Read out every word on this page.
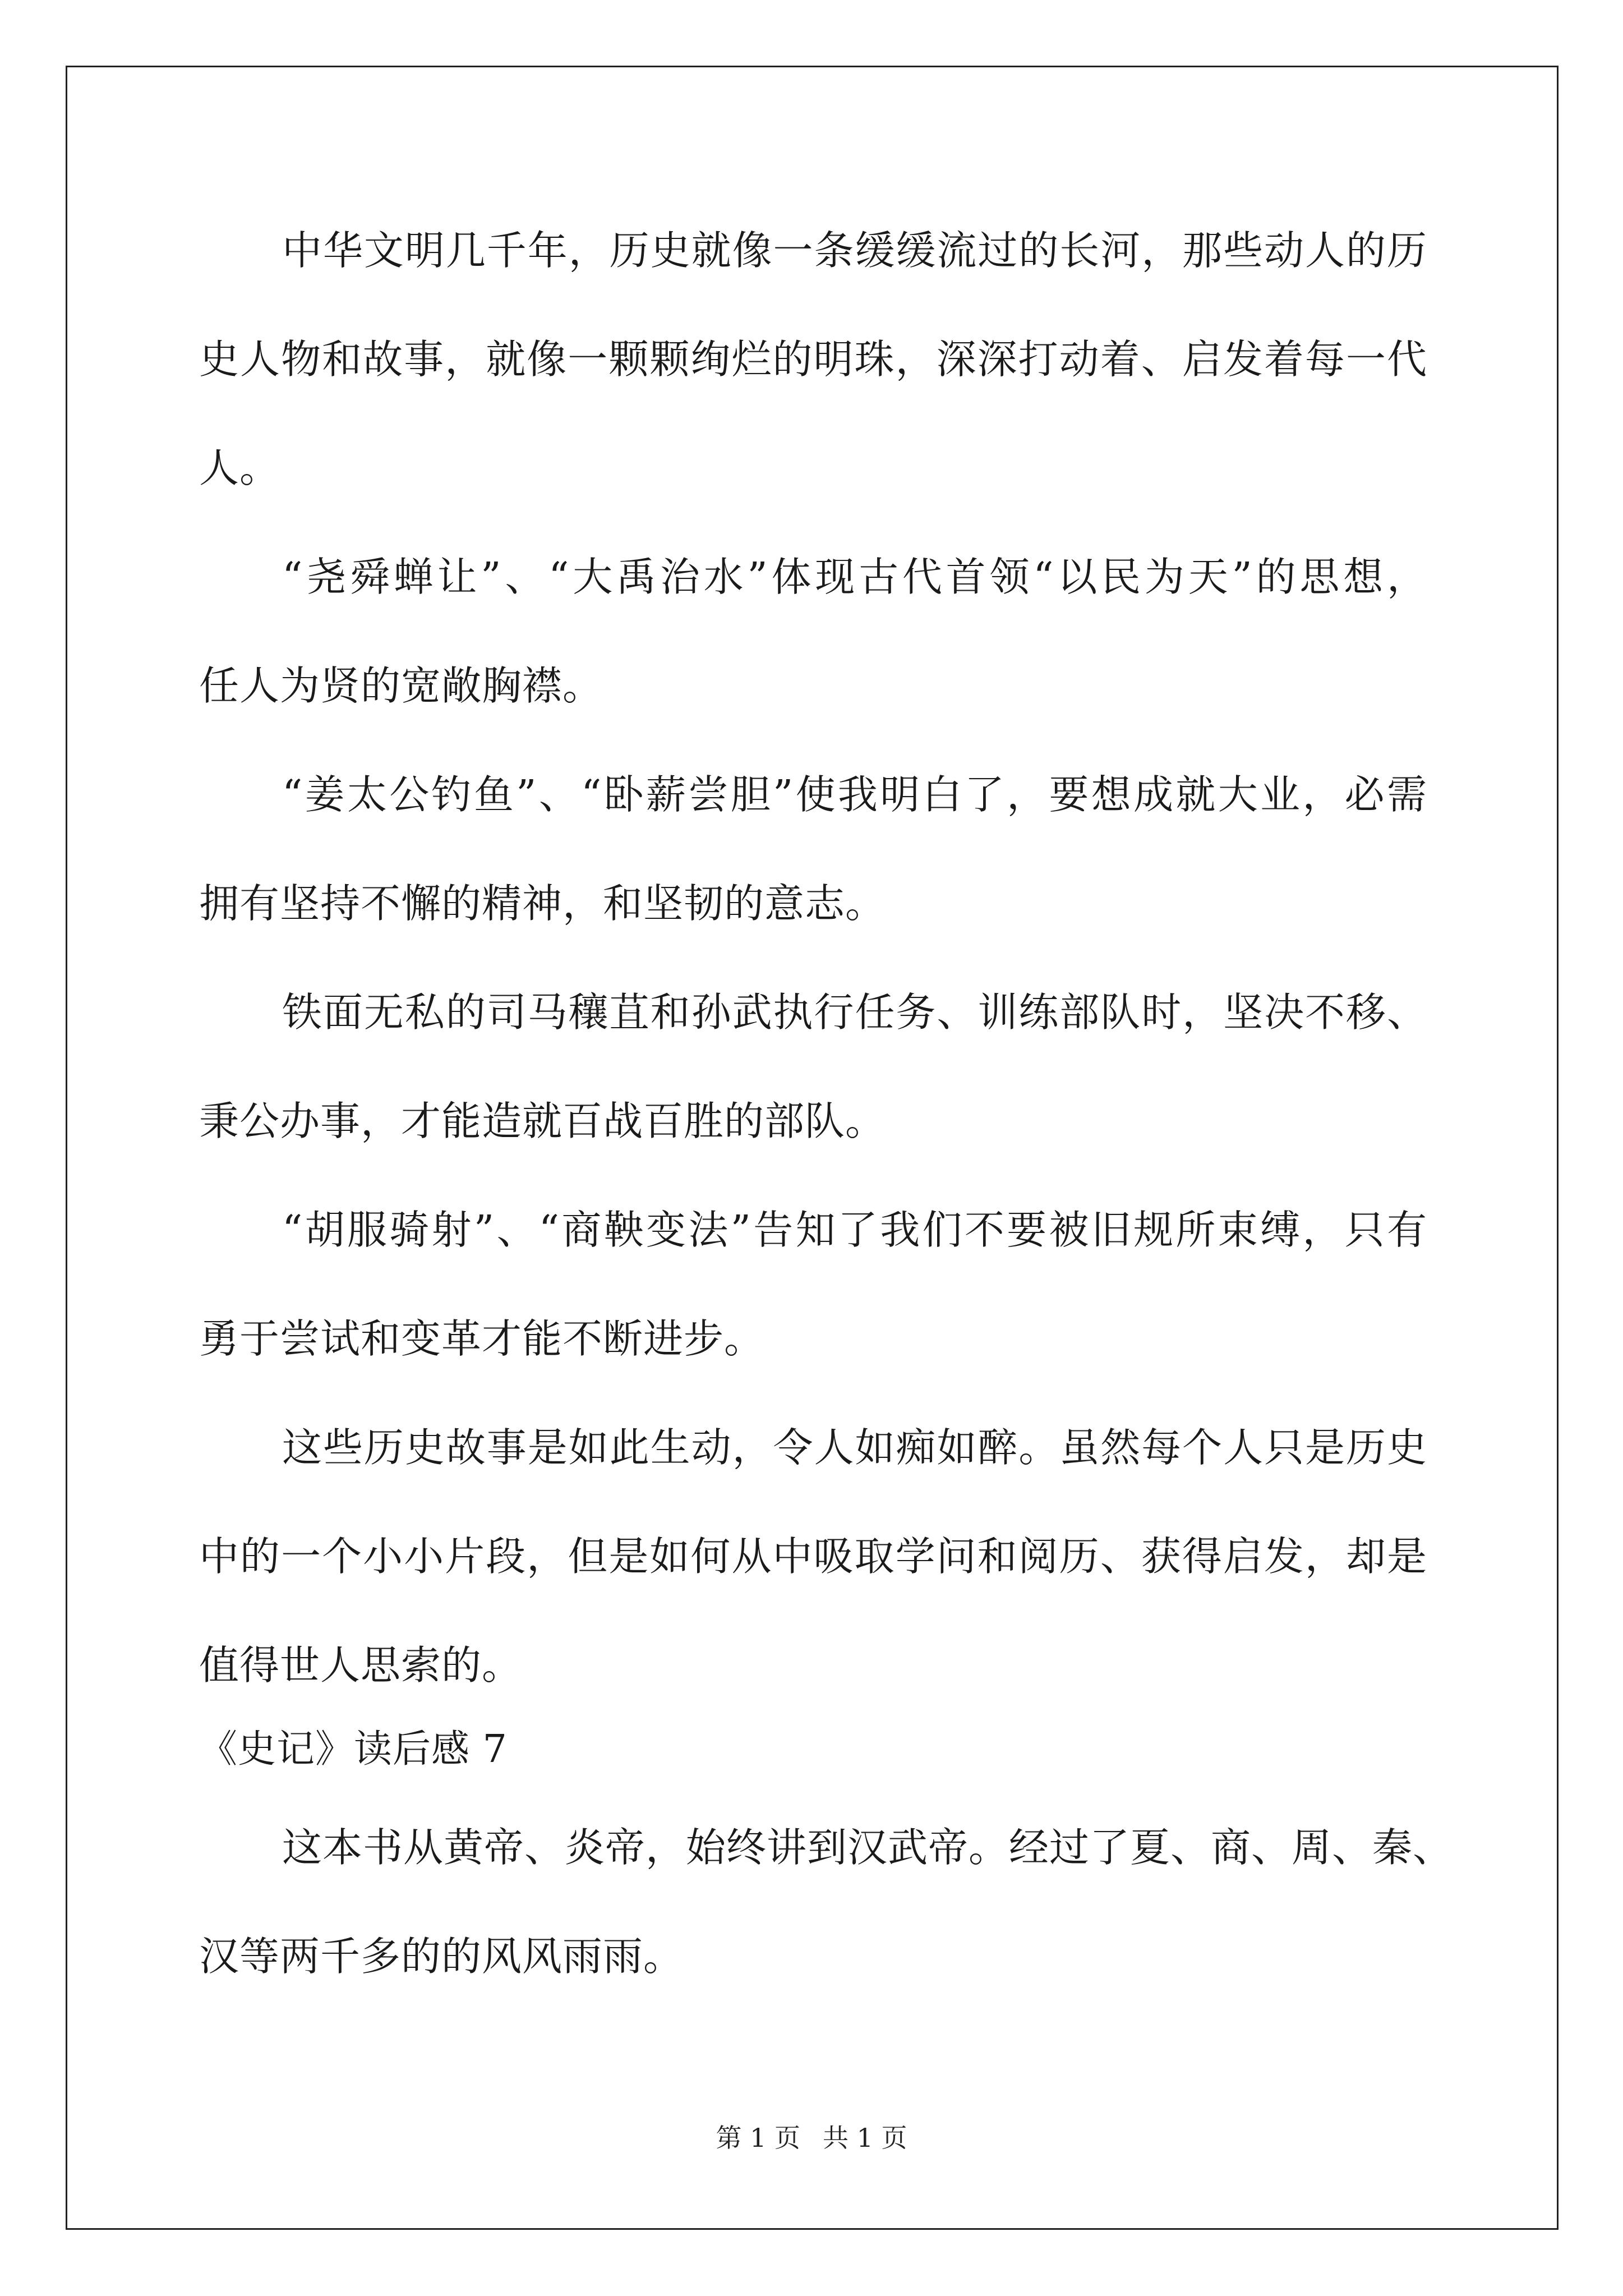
中华文明几千年，历史就像一条缓缓流过的长河，那些动人的历
史人物和故事，就像一颗颗绚烂的明珠，深深打动着、启发着每一代
人。
“尧舜蝉让”、“大禹治水”体现古代首领“以民为天”的思想，
任人为贤的宽敞胸襟。
“姜太公钓鱼”、“卧薪尝胆”使我明白了，要想成就大业，必需
拥有坚持不懈的精神，和坚韧的意志。
铁面无私的司马穰苴和孙武执行任务、训练部队时，坚决不移、
秉公办事，才能造就百战百胜的部队。
“胡服骑射”、“商鞅变法”告知了我们不要被旧规所束缚，只有
勇于尝试和变革才能不断进步。
这些历史故事是如此生动，令人如痴如醉。虽然每个人只是历史
中的一个小小片段，但是如何从中吸取学问和阅历、获得启发，却是
值得世人思索的。
《史记》读后感 7
这本书从黄帝、炎帝，始终讲到汉武帝。经过了夏、商、周、秦、
汉等两千多的的风风雨雨。
第 1 页 共 1 页
